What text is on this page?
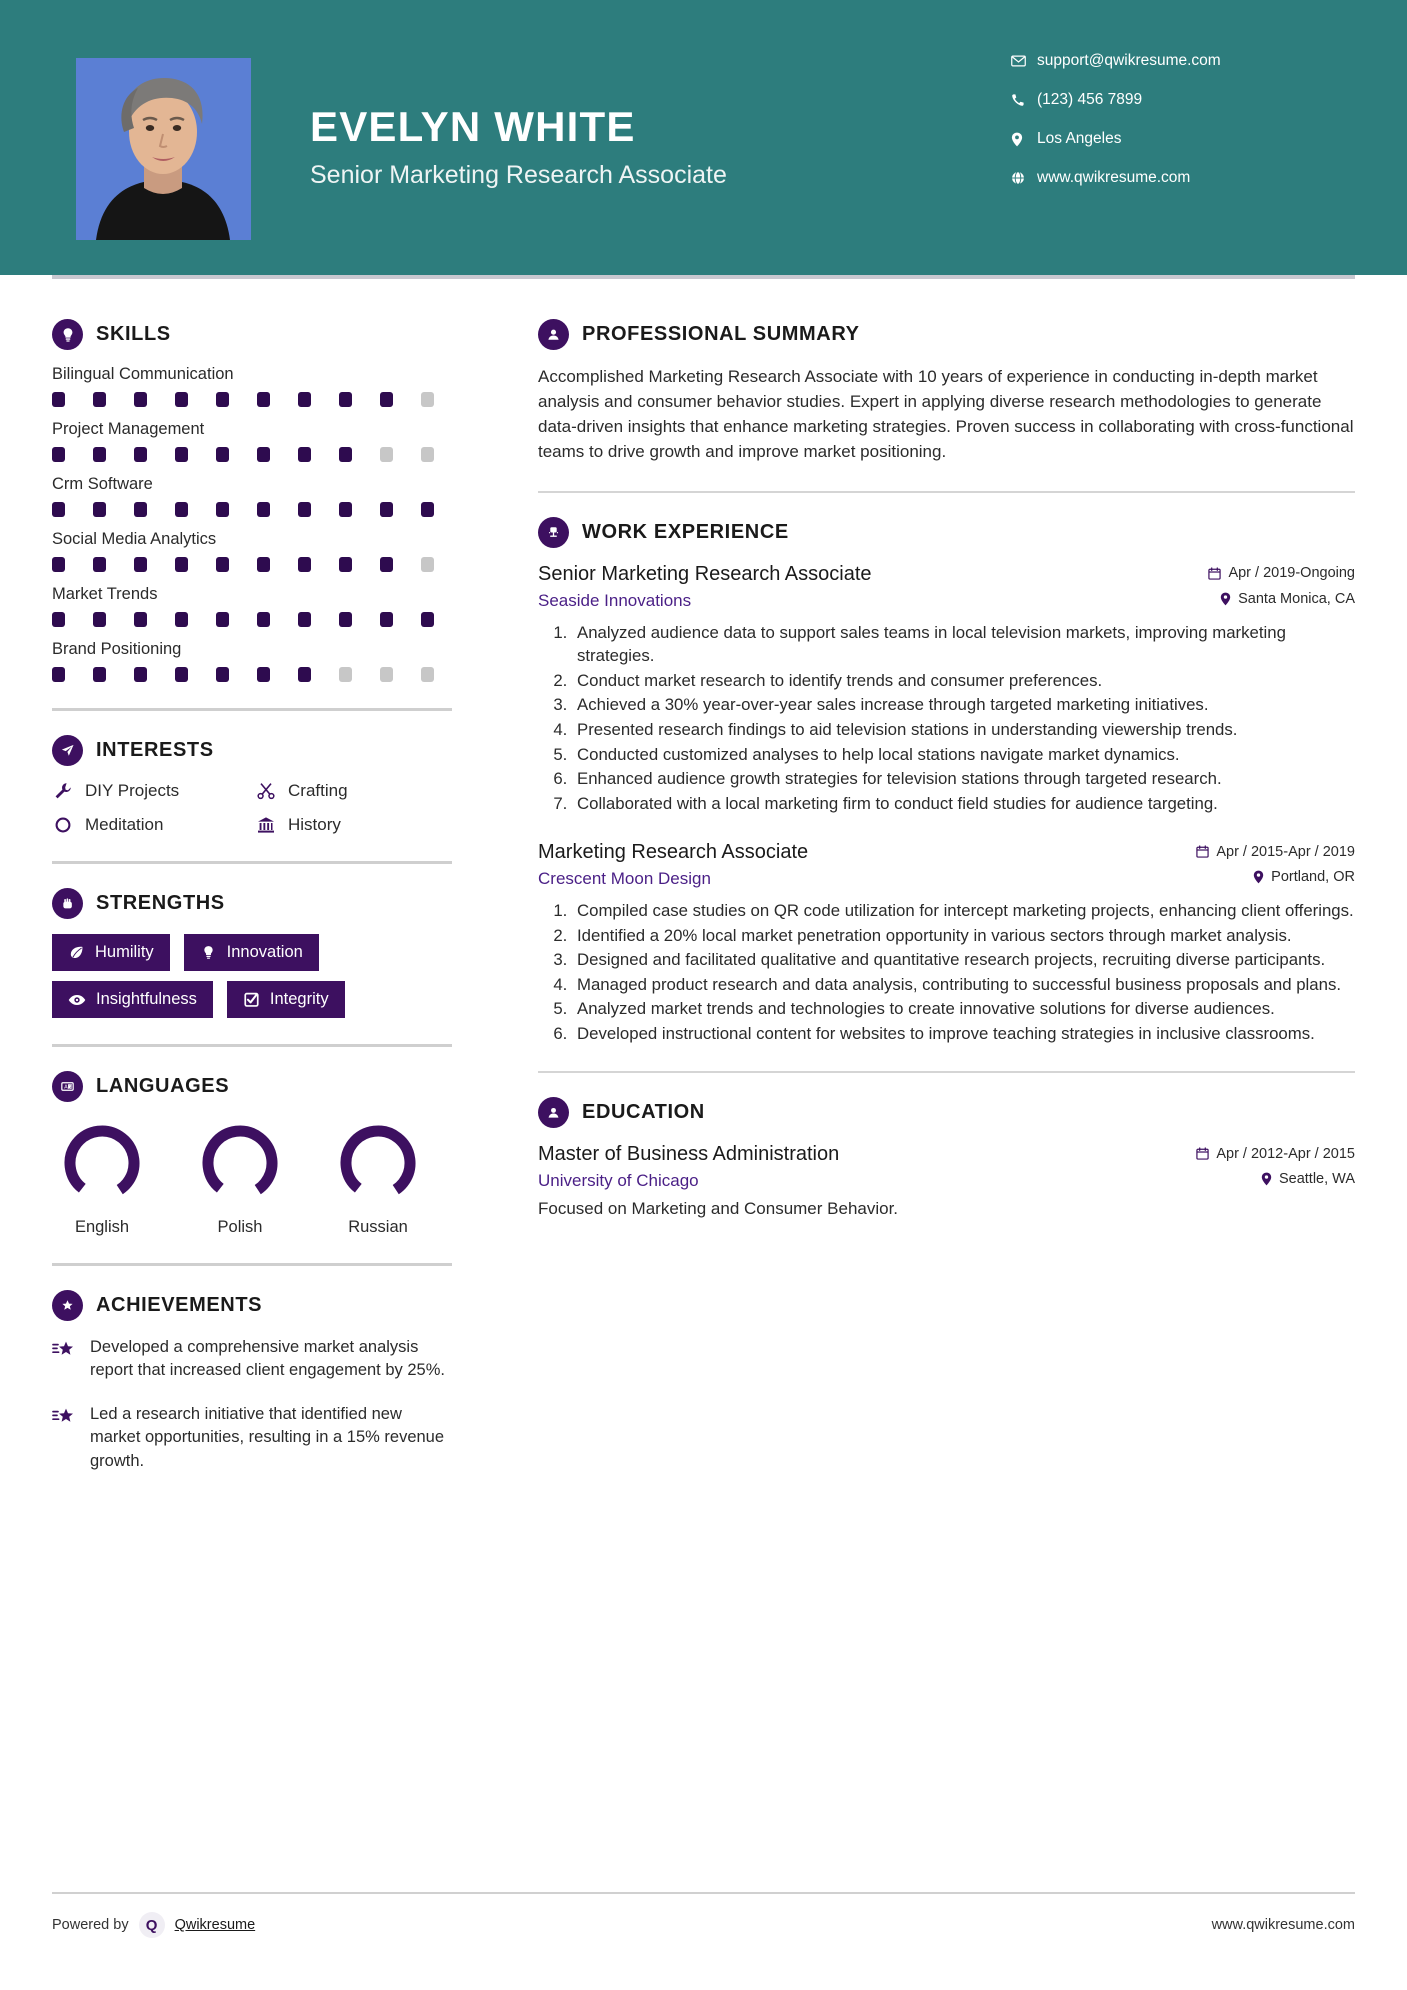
EVELYN WHITE
Senior Marketing Research Associate
support@qwikresume.com
(123) 456 7899
Los Angeles
www.qwikresume.com
SKILLS
Bilingual Communication
Project Management
Crm Software
Social Media Analytics
Market Trends
Brand Positioning
INTERESTS
DIY Projects	Crafting
Meditation	History
STRENGTHS
Humility	Innovation
Insightfulness	Integrity
A 文 LANGUAGES
English	Polish	Russian
ACHIEVEMENTS
Developed a comprehensive market analysis report that increased client engagement by 25%.
Led a research initiative that identified new market opportunities, resulting in a 15% revenue growth.
PROFESSIONAL SUMMARY
Accomplished Marketing Research Associate with 10 years of experience in conducting in-depth market analysis and consumer behavior studies. Expert in applying diverse research methodologies to generate data-driven insights that enhance marketing strategies. Proven success in collaborating with cross-functional teams to drive growth and improve market positioning.
WORK EXPERIENCE
Senior Marketing Research Associate	Apr / 2019-Ongoing
Seaside Innovations	Santa Monica, CA
1. Analyzed audience data to support sales teams in local television markets, improving marketing strategies.
2. Conduct market research to identify trends and consumer preferences.
3. Achieved a 30% year-over-year sales increase through targeted marketing initiatives.
4. Presented research findings to aid television stations in understanding viewership trends.
5. Conducted customized analyses to help local stations navigate market dynamics.
6. Enhanced audience growth strategies for television stations through targeted research.
7. Collaborated with a local marketing firm to conduct field studies for audience targeting.
Marketing Research Associate	Apr / 2015-Apr / 2019
Crescent Moon Design	Portland, OR
1. Compiled case studies on QR code utilization for intercept marketing projects, enhancing client offerings.
2. Identified a 20% local market penetration opportunity in various sectors through market analysis.
3. Designed and facilitated qualitative and quantitative research projects, recruiting diverse participants.
4. Managed product research and data analysis, contributing to successful business proposals and plans.
5. Analyzed market trends and technologies to create innovative solutions for diverse audiences.
6. Developed instructional content for websites to improve teaching strategies in inclusive classrooms.
EDUCATION
Master of Business Administration	Apr / 2012-Apr / 2015
University of Chicago	Seattle, WA
Focused on Marketing and Consumer Behavior.
Powered by Q Qwikresume	www.qwikresume.com
